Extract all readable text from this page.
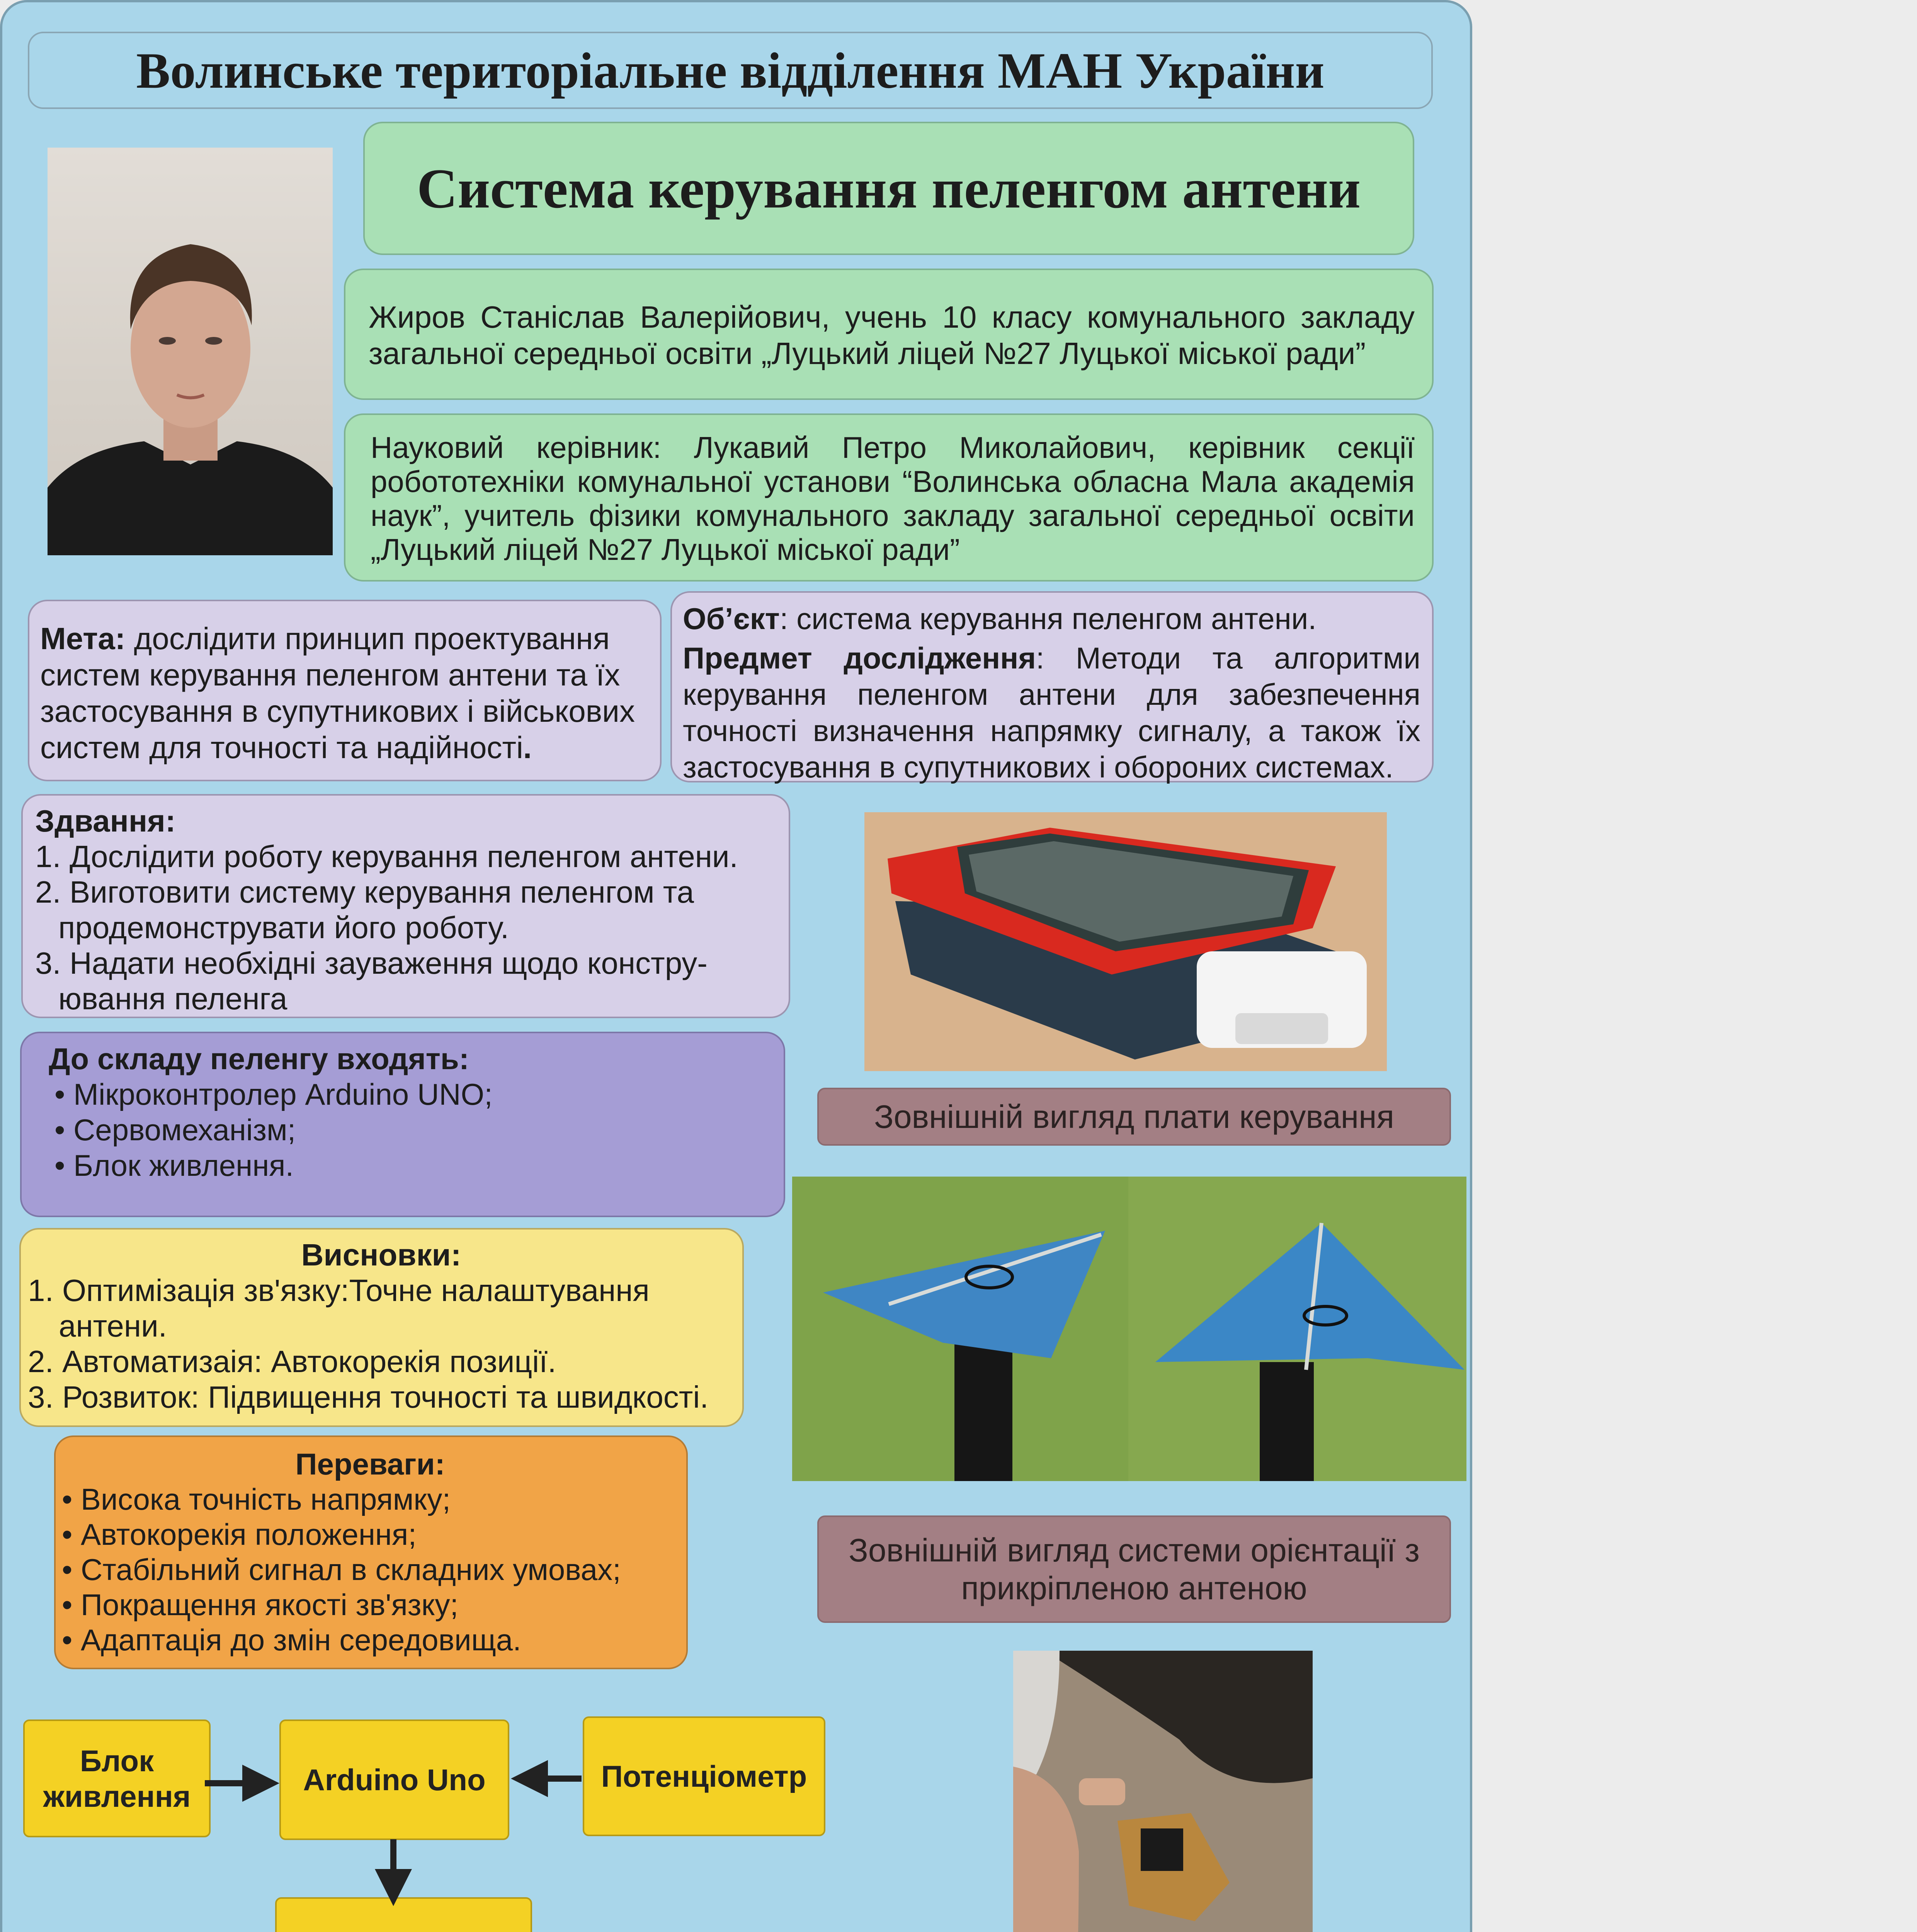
Волинське територіальне відділення МАН України
Система керування пеленгом антени
Жиров Станіслав Валерійович, учень 10 класу комунального закладу загальної середньої освіти „Луцький ліцей №27 Луцької міської ради”
Науковий керівник: Лукавий Петро Миколайович, керівник секції робототехніки комунальної установи “Волинська обласна Мала академія наук”, учитель фізики комунального закладу загальної середньої освіти „Луцький ліцей №27 Луцької міської ради”
Мета: дослідити принцип проектування систем керування пеленгом антени та їх застосування в супутникових і військових систем для точності та надійності.
Об’єкт: система керування пеленгом антени.
Предмет дослідження: Методи та алгоритми керування пеленгом антени для забезпечення точності визначення напрямку сигналу, а також їх застосування в супутникових і обороних системах.
Здвання:
1. Дослідити роботу керування пеленгом антени.
2. Виготовити систему керування пеленгом та
продемонструвати його роботу.
3. Надати необхідні зауваження щодо констру-
ювання пеленга
До складу пеленгу входять:
• Мікроконтролер Arduino UNO;
• Сервомеханізм;
• Блок живлення.
Висновки:
1. Оптимізація зв'язку:Точне налаштування
антени.
2. Автоматизаія: Автокорекія позиції.
3. Розвиток: Підвищення точності та швидкості.
Переваги:
• Висока точність напрямку;
• Автокорекія положення;
• Стабільний сигнал в складних умовах;
• Покращення якості зв'язку;
• Адаптація до змін середовища.
Блок живлення	Arduino Uno	Потенціометр
Зовнішній вигляд плати керування
Зовнішній вигляд системи орієнтації з прикріпленою антеною
